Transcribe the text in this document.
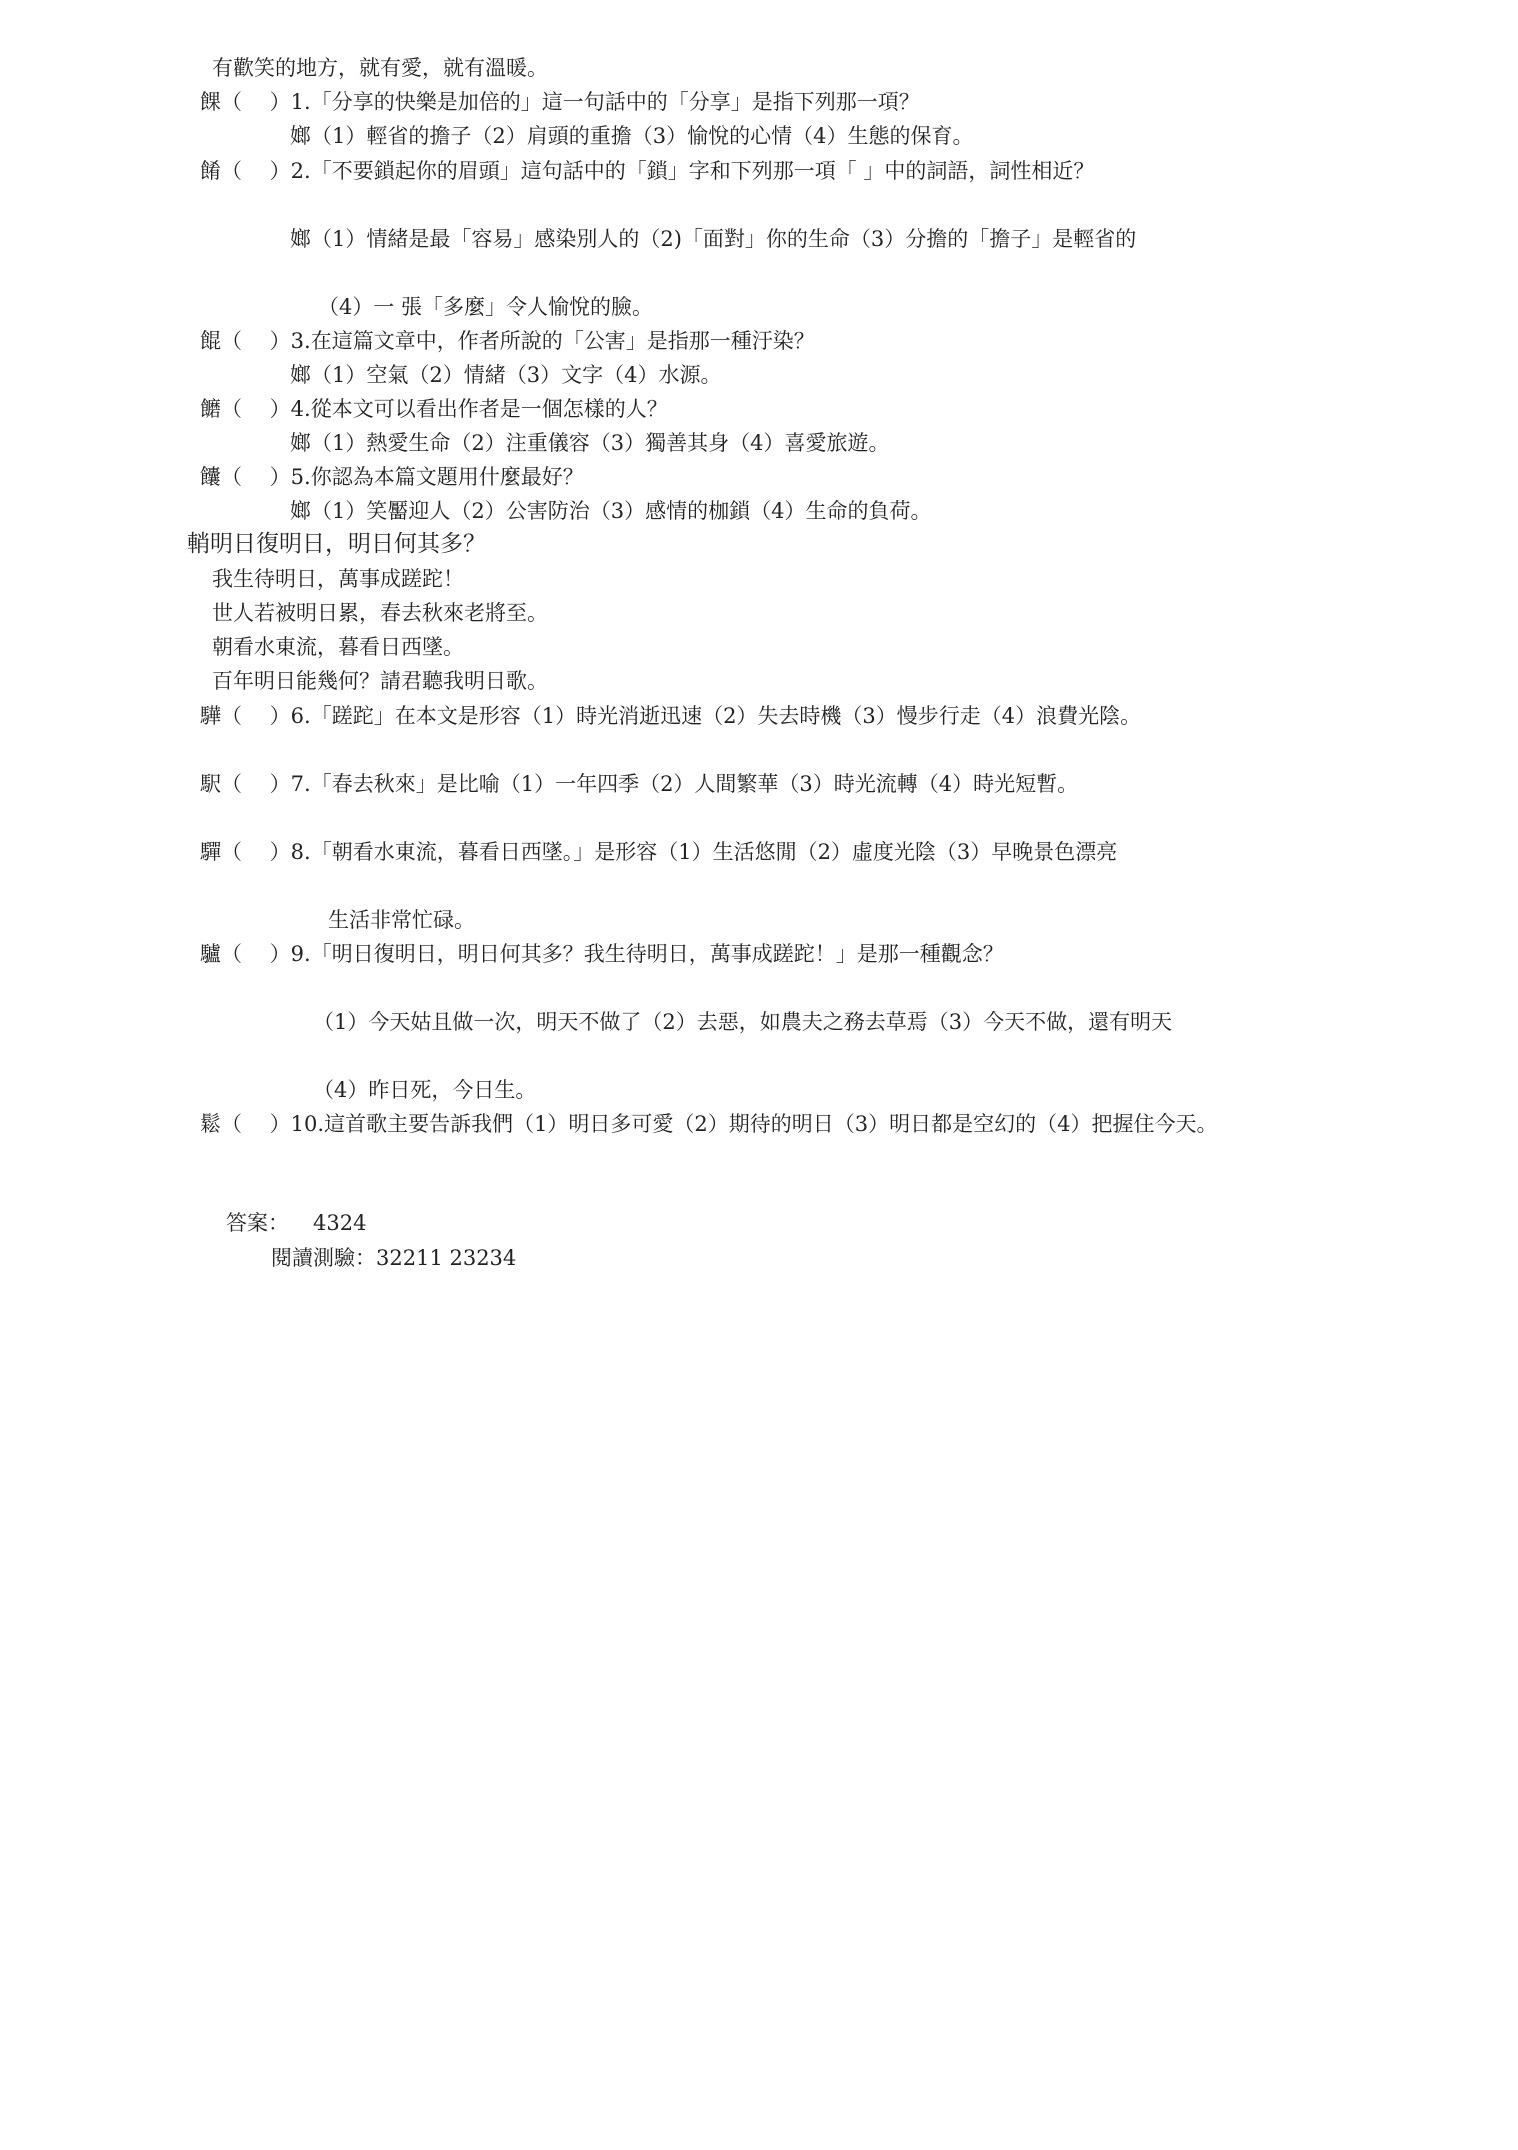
有歡笑的地方，就有愛，就有溫暖。
餜（　 ）1.「分享的快樂是加倍的」這一句話中的「分享」是指下列那一項？
嫏（1）輕省的擔子（2）肩頭的重擔（3）愉悅的心情（4）生態的保育。
餚（　 ）2.「不要鎖起你的眉頭」這句話中的「鎖」字和下列那一項「 」中的詞語，詞性相近？
嫏（1）情緒是最「容易」感染別人的（2)「面對」你的生命（3）分擔的「擔子」是輕省的
（4）一 張「多麼」令人愉悅的臉。
餛（　 ）3.在這篇文章中，作者所說的「公害」是指那一種汙染？
嫏（1）空氣（2）情緒（3）文字（4）水源。
饝（　 ）4.從本文可以看出作者是一個怎樣的人？
嫏（1）熱愛生命（2）注重儀容（3）獨善其身（4）喜愛旅遊。
饢（　 ）5.你認為本篇文題用什麼最好？
嫏（1）笑靨迎人（2）公害防治（3）感情的枷鎖（4）生命的負荷。
輎明日復明日，明日何其多？
我生待明日，萬事成蹉跎！
世人若被明日累，春去秋來老將至。
朝看水東流，暮看日西墜。
百年明日能幾何？請君聽我明日歌。
驊（　 ）6.「蹉跎」在本文是形容（1）時光消逝迅速（2）失去時機（3）慢步行走（4）浪費光陰。
駅（　 ）7.「春去秋來」是比喻（1）一年四季（2）人間繁華（3）時光流轉（4）時光短暫。
驒（　 ）8.「朝看水東流，暮看日西墜。」是形容（1）生活悠閒（2）虛度光陰（3）早晚景色漂亮
生活非常忙碌。
驢（　 ）9.「明日復明日，明日何其多？我生待明日，萬事成蹉跎！」是那一種觀念？
（1）今天姑且做一次，明天不做了（2）去惡，如農夫之務去草焉（3）今天不做，還有明天
（4）昨日死，今日生。
鬆（　 ）10.這首歌主要告訴我們（1）明日多可愛（2）期待的明日（3）明日都是空幻的（4）把握住今天。
答案： 4324
閱讀測驗：32211 23234
